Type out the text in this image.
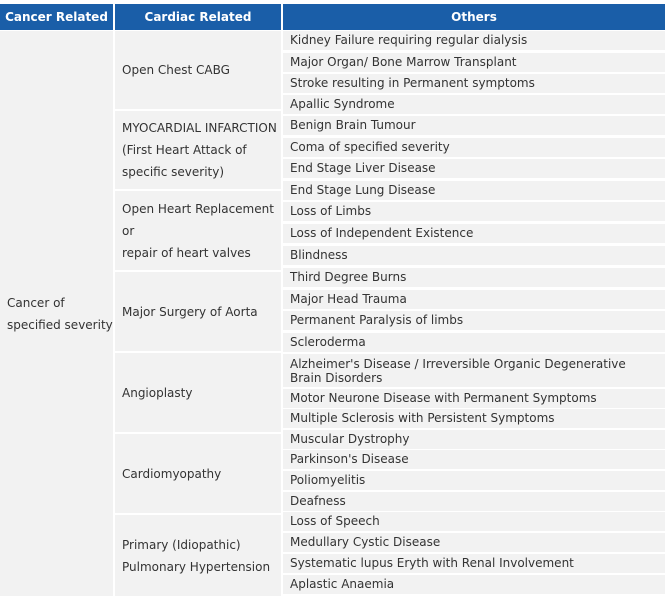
Cancer Related	Cardiac Related	Others
Cancer of
specified severity
Open Chest CABG
MYOCARDIAL INFARCTION
(First Heart Attack of
specific severity)
Open Heart Replacement or
repair of heart valves
Major Surgery of Aorta
Angioplasty
Cardiomyopathy
Primary (Idiopathic)
Pulmonary Hypertension
Kidney Failure requiring regular dialysis
Major Organ/ Bone Marrow Transplant
Stroke resulting in Permanent symptoms
Apallic Syndrome
Benign Brain Tumour
Coma of specified severity
End Stage Liver Disease
End Stage Lung Disease
Loss of Limbs
Loss of Independent Existence
Blindness
Third Degree Burns
Major Head Trauma
Permanent Paralysis of limbs
Scleroderma
Alzheimer's Disease / Irreversible Organic Degenerative Brain Disorders
Motor Neurone Disease with Permanent Symptoms
Multiple Sclerosis with Persistent Symptoms
Muscular Dystrophy
Parkinson's Disease
Poliomyelitis
Deafness
Loss of Speech
Medullary Cystic Disease
Systematic lupus Eryth with Renal Involvement
Aplastic Anaemia
